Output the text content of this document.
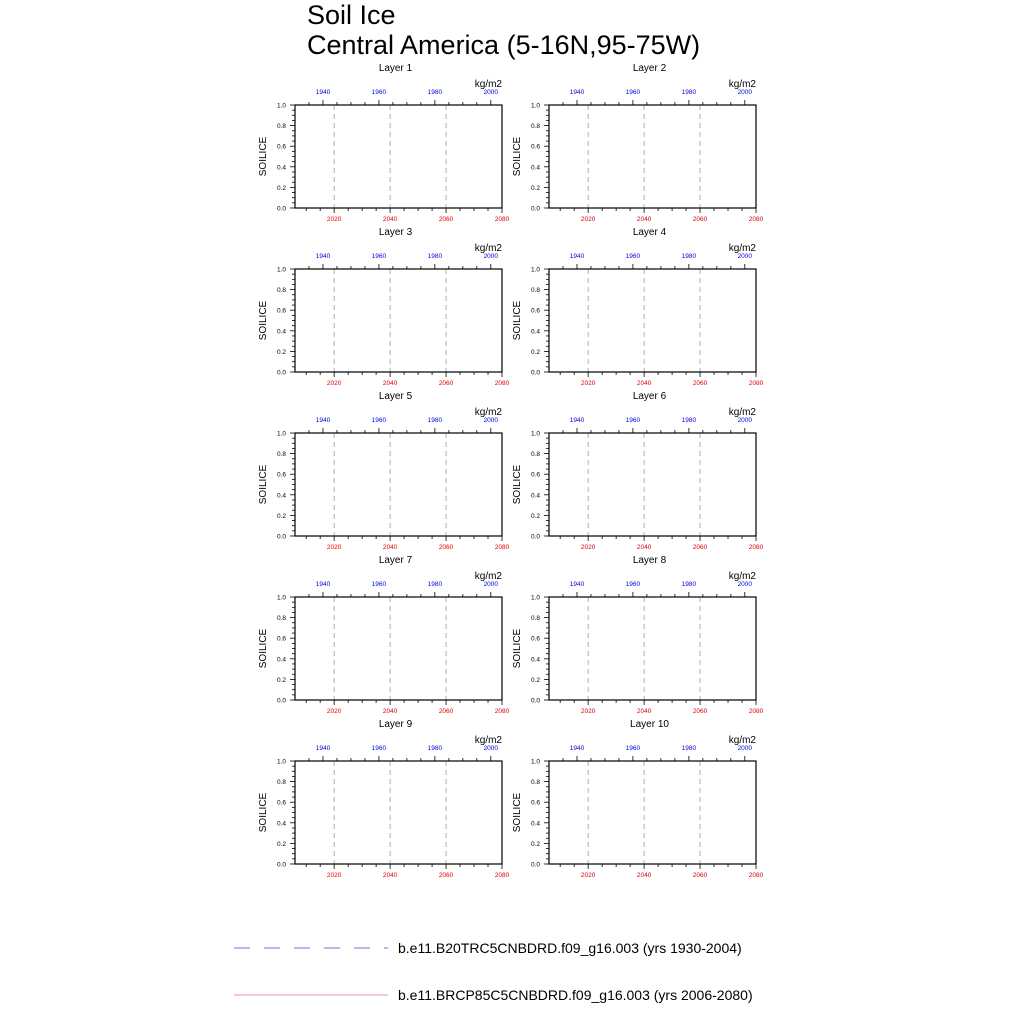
Soil Ice
Central America (5-16N,95-75W)
Layer 1
kg/m2
SOILICE
0.0
0.2
0.4
0.6
0.8
1.0
2020	2040	2060	2080
1940	1960	1980	2000
Layer 2
kg/m2
SOILICE
0.0
0.2
0.4
0.6
0.8
1.0
2020	2040	2060	2080
1940	1960	1980	2000
Layer 3
kg/m2
SOILICE
0.0
0.2
0.4
0.6
0.8
1.0
2020	2040	2060	2080
1940	1960	1980	2000
Layer 4
kg/m2
SOILICE
0.0
0.2
0.4
0.6
0.8
1.0
2020	2040	2060	2080
1940	1960	1980	2000
Layer 5
kg/m2
SOILICE
0.0
0.2
0.4
0.6
0.8
1.0
2020	2040	2060	2080
1940	1960	1980	2000
Layer 6
kg/m2
SOILICE
0.0
0.2
0.4
0.6
0.8
1.0
2020	2040	2060	2080
1940	1960	1980	2000
Layer 7
kg/m2
SOILICE
0.0
0.2
0.4
0.6
0.8
1.0
2020	2040	2060	2080
1940	1960	1980	2000
Layer 8
kg/m2
SOILICE
0.0
0.2
0.4
0.6
0.8
1.0
2020	2040	2060	2080
1940	1960	1980	2000
Layer 9
kg/m2
SOILICE
0.0
0.2
0.4
0.6
0.8
1.0
2020	2040	2060	2080
1940	1960	1980	2000
Layer 10
kg/m2
SOILICE
0.0
0.2
0.4
0.6
0.8
1.0
2020	2040	2060	2080
1940	1960	1980	2000
b.e11.B20TRC5CNBDRD.f09_g16.003 (yrs 1930-2004)
b.e11.BRCP85C5CNBDRD.f09_g16.003 (yrs 2006-2080)
